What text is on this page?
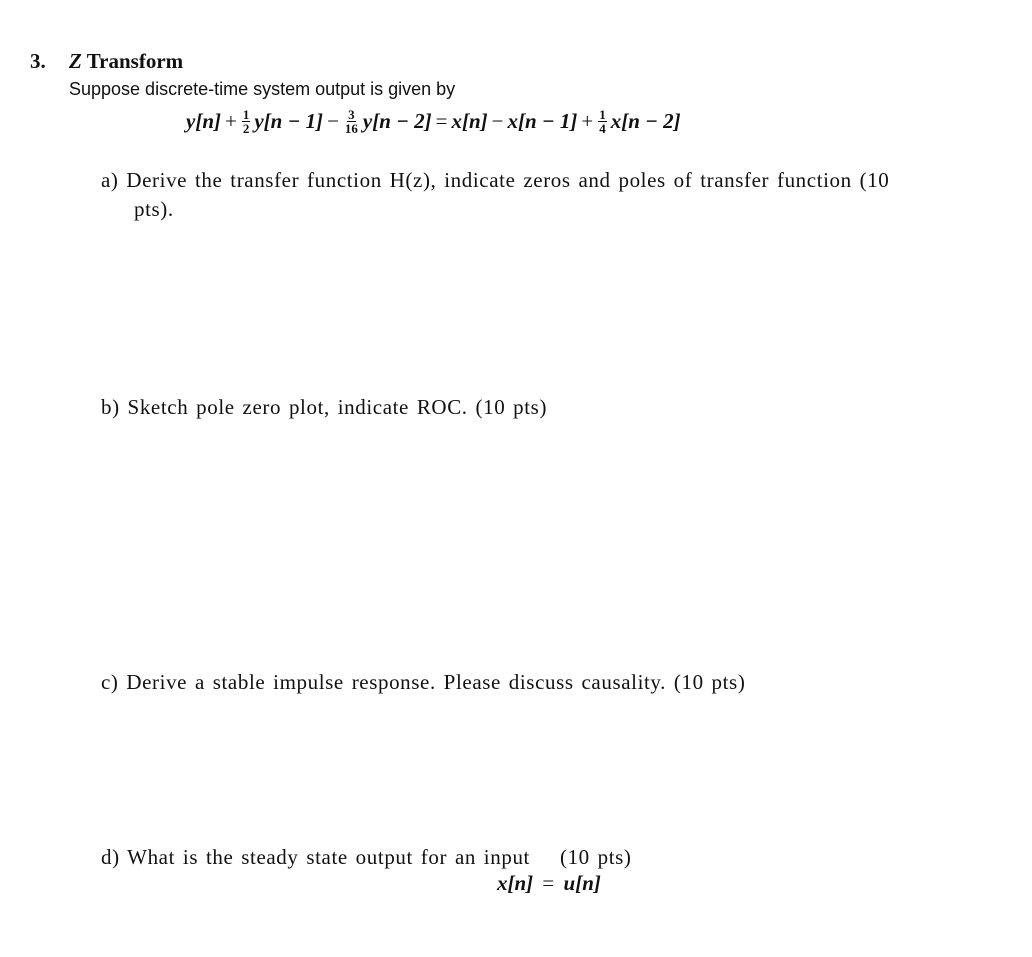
3. Z Transform
Suppose discrete-time system output is given by
$y[n] + \frac{1}{2} y[n - 1] - \frac{3}{16} y[n - 2] = x[n] - x[n - 1] + \frac{1}{4} x[n - 2]$
a) Derive the transfer function H(z), indicate zeros and poles of transfer function (10
pts).
b) Sketch pole zero plot, indicate ROC. (10 pts)
c) Derive a stable impulse response. Please discuss causality. (10 pts)
d) What is the steady state output for an input (10 pts)
x[n] = u[n]
